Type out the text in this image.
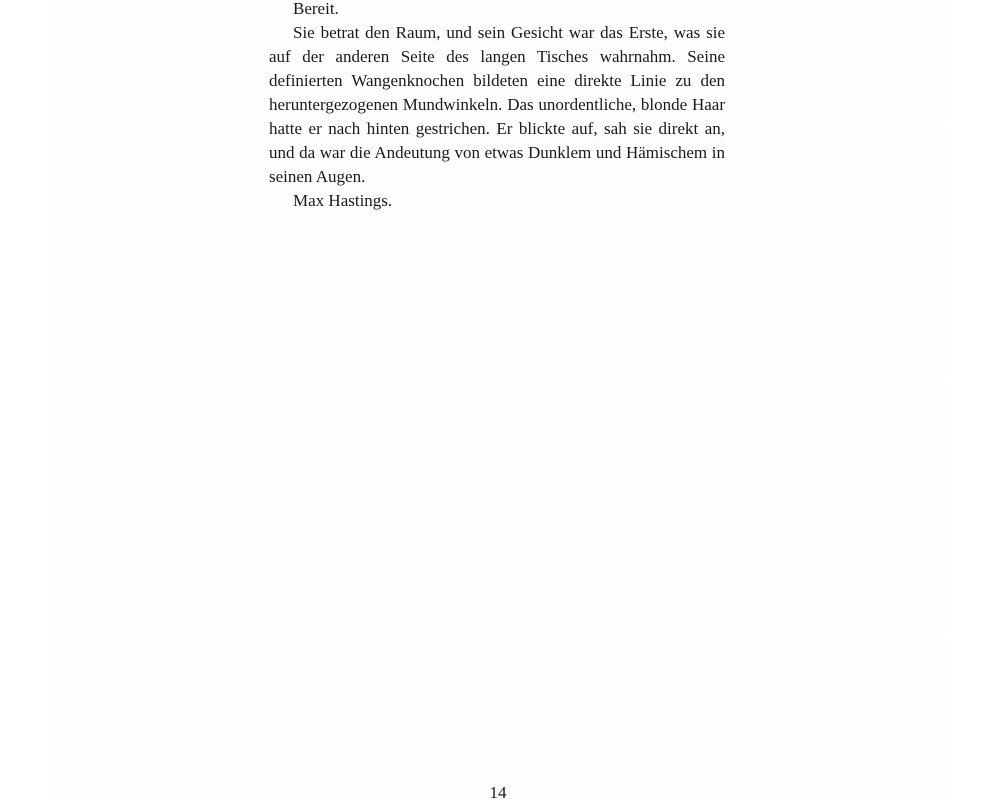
Bereit.

Sie betrat den Raum, und sein Gesicht war das Erste, was sie auf der anderen Seite des langen Tisches wahrnahm. Seine definierten Wangenknochen bildeten eine direkte Linie zu den heruntergezogenen Mundwinkeln. Das unordentliche, blonde Haar hatte er nach hinten gestrichen. Er blickte auf, sah sie direkt an, und da war die Andeutung von etwas Dunklem und Hämischem in seinen Augen.

Max Hastings.

14
